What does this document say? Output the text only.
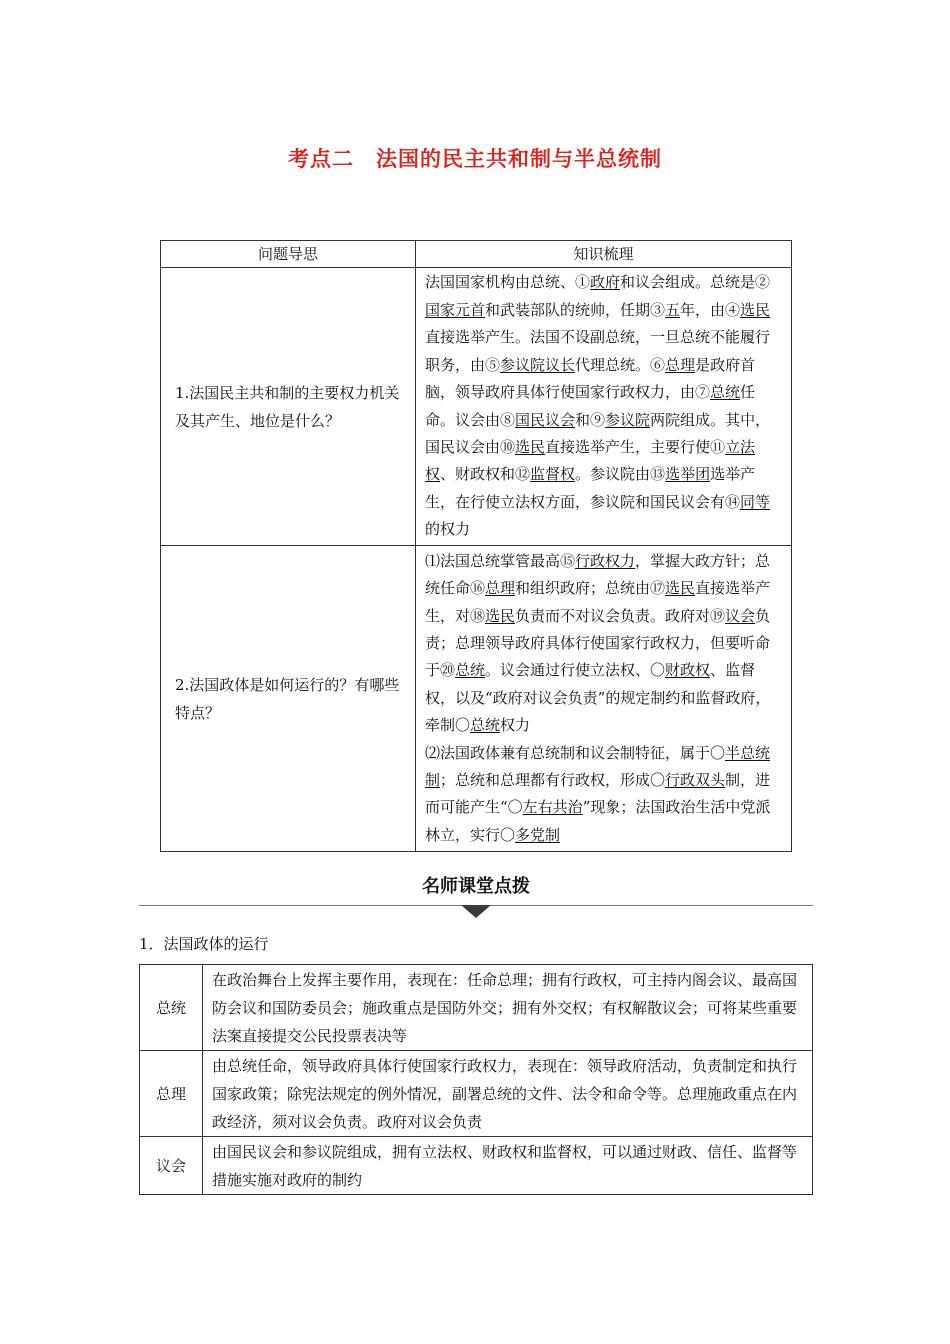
考点二 法国的民主共和制与半总统制
问题导思	知识梳理
1.法国民主共和制的主要权力机关及其产生、地位是什么？	法国国家机构由总统、①政府和议会组成。总统是②国家元首和武装部队的统帅，任期③五年，由④选民直接选举产生。法国不设副总统，一旦总统不能履行职务，由⑤参议院议长代理总统。⑥总理是政府首脑，领导政府具体行使国家行政权力，由⑦总统任命。议会由⑧国民议会和⑨参议院两院组成。其中，国民议会由⑩选民直接选举产生，主要行使⑪立法权、财政权和⑫监督权。参议院由⑬选举团选举产生，在行使立法权方面，参议院和国民议会有⑭同等的权力
2.法国政体是如何运行的？有哪些特点？	⑴法国总统掌管最高⑮行政权力，掌握大政方针；总统任命⑯总理和组织政府；总统由⑰选民直接选举产生，对⑱选民负责而不对议会负责。政府对⑲议会负责；总理领导政府具体行使国家行政权力，但要听命于⑳总统。议会通过行使立法权、〇财政权、监督权，以及“政府对议会负责”的规定制约和监督政府，牵制〇总统权力
⑵法国政体兼有总统制和议会制特征，属于〇半总统制；总统和总理都有行政权，形成〇行政双头制，进而可能产生“〇左右共治”现象；法国政治生活中党派林立，实行〇多党制
名师课堂点拨
1．法国政体的运行
总统	在政治舞台上发挥主要作用，表现在：任命总理；拥有行政权，可主持内阁会议、最高国防会议和国防委员会；施政重点是国防外交；拥有外交权；有权解散议会；可将某些重要法案直接提交公民投票表决等
总理	由总统任命，领导政府具体行使国家行政权力，表现在：领导政府活动，负责制定和执行国家政策；除宪法规定的例外情况，副署总统的文件、法令和命令等。总理施政重点在内政经济，须对议会负责。政府对议会负责
议会	由国民议会和参议院组成，拥有立法权、财政权和监督权，可以通过财政、信任、监督等措施实施对政府的制约
